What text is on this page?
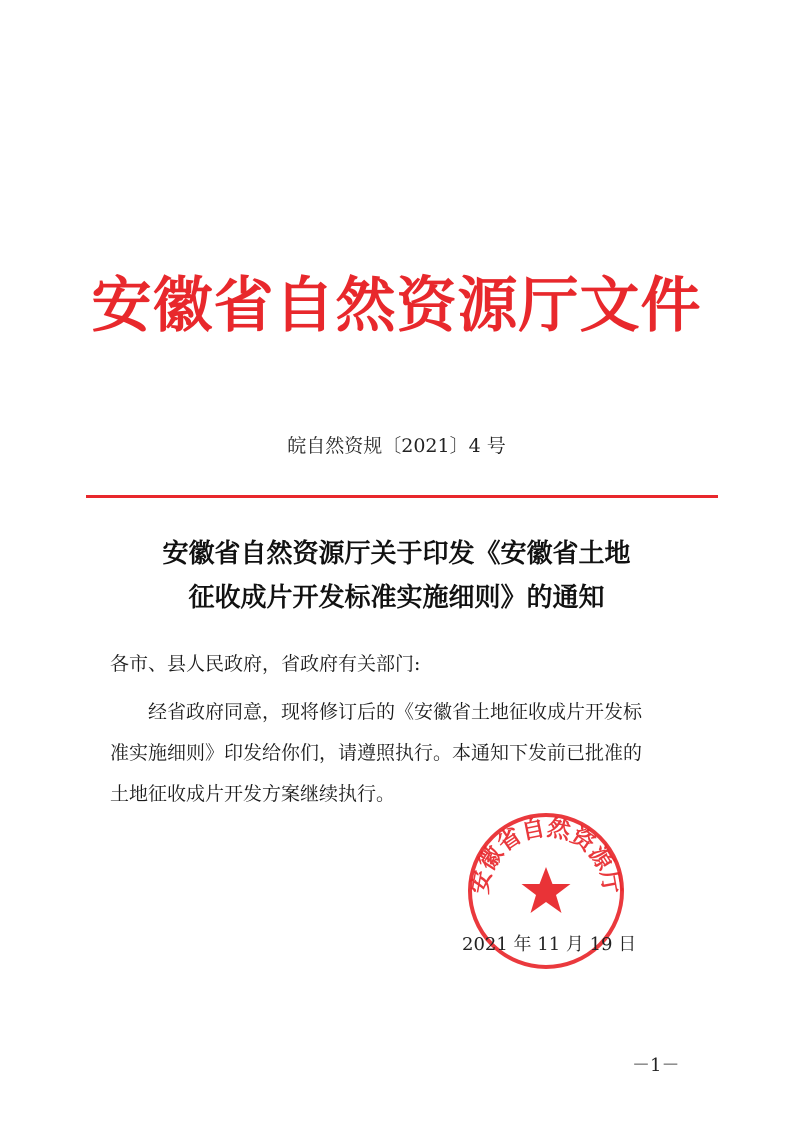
安徽省自然资源厅文件
皖自然资规〔2021〕4 号
安徽省自然资源厅关于印发《安徽省土地
征收成片开发标准实施细则》的通知
各市、县人民政府，省政府有关部门:
　　经省政府同意，现将修订后的《安徽省土地征收成片开发标
准实施细则》印发给你们，请遵照执行。本通知下发前已批准的
土地征收成片开发方案继续执行。
安徽省自然资源厅
2021 年 11 月 19 日
－1－
